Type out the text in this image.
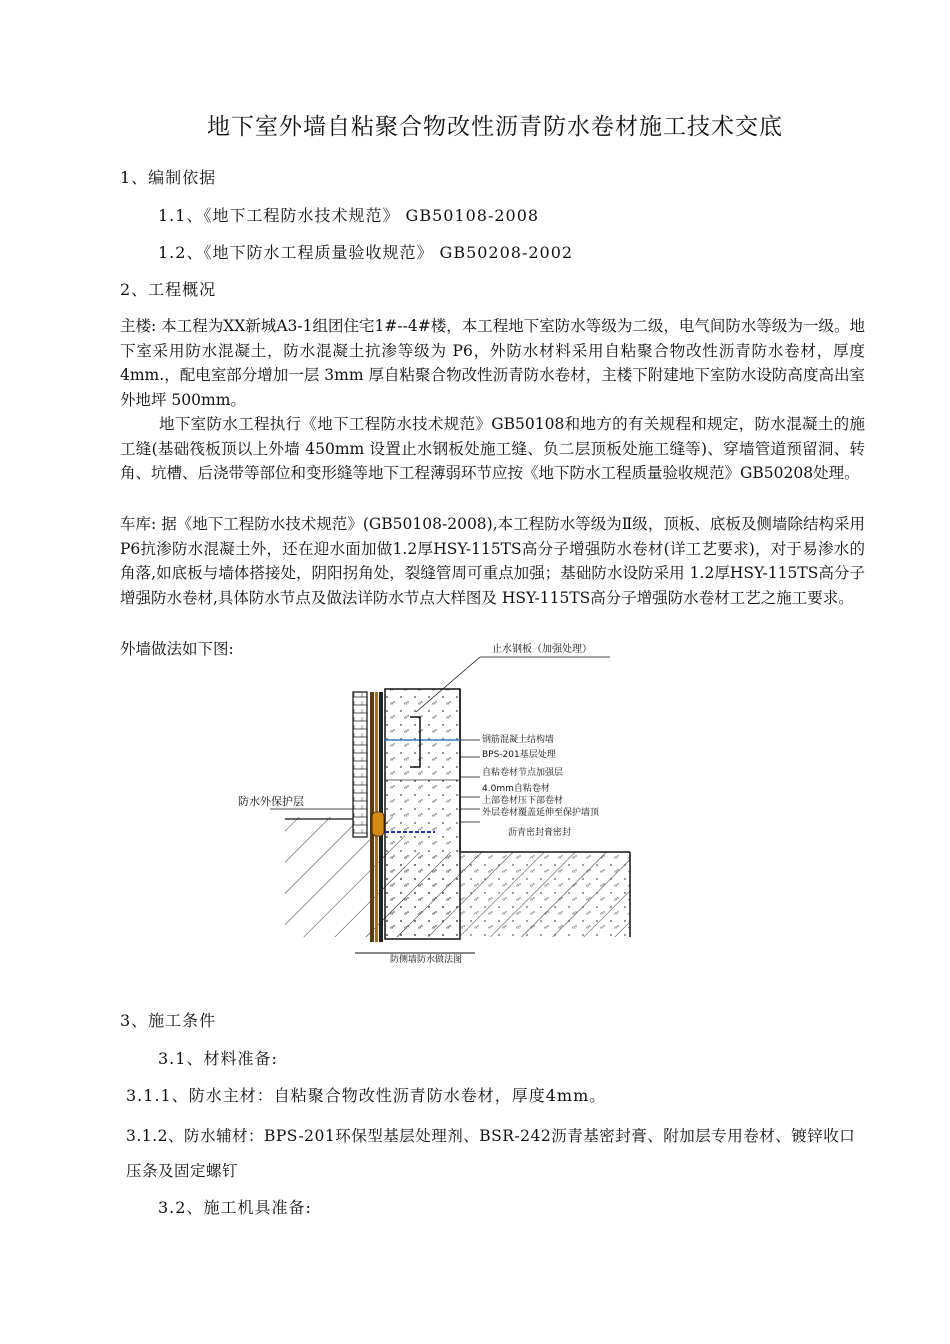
地下室外墙自粘聚合物改性沥青防水卷材施工技术交底
1、编制依据
1.1、《地下工程防水技术规范》 GB50108-2008
1.2、《地下防水工程质量验收规范》 GB50208-2002
2、工程概况
主楼: 本工程为XX新城A3-1组团住宅1#--4#楼，本工程地下室防水等级为二级，电气间防水等级为一级。地下室采用防水混凝土，防水混凝土抗渗等级为 P6，外防水材料采用自粘聚合物改性沥青防水卷材，厚度4mm.，配电室部分增加一层 3mm 厚自粘聚合物改性沥青防水卷材，主楼下附建地下室防水设防高度高出室外地坪 500mm。
地下室防水工程执行《地下工程防水技术规范》GB50108和地方的有关规程和规定，防水混凝土的施工缝(基础筏板顶以上外墙 450mm 设置止水钢板处施工缝、负二层顶板处施工缝等)、穿墙管道预留洞、转角、坑槽、后浇带等部位和变形缝等地下工程薄弱环节应按《地下防水工程质量验收规范》GB50208处理。
车库: 据《地下工程防水技术规范》(GB50108-2008),本工程防水等级为Ⅱ级，顶板、底板及侧墙除结构采用P6抗渗防水混凝土外，还在迎水面加做1.2厚HSY-115TS高分子增强防水卷材(详工艺要求)，对于易渗水的角落,如底板与墙体搭接处，阴阳拐角处，裂缝管周可重点加强；基础防水设防采用 1.2厚HSY-115TS高分子增强防水卷材,具体防水节点及做法详防水节点大样图及 HSY-115TS高分子增强防水卷材工艺之施工要求。
外墙做法如下图:	止水钢板（加强处理）
防水外保护层
钢筋混凝土结构墙
BPS-201基层处理
自粘卷材节点加强层
4.0mm自粘卷材
上部卷材压下部卷材
外层卷材覆盖延伸至保护墙顶
沥青密封膏密封
防侧墙防水做法图
3、施工条件
3.1、材料准备:
3.1.1、防水主材：自粘聚合物改性沥青防水卷材，厚度4mm。
3.1.2、防水辅材：BPS-201环保型基层处理剂、BSR-242沥青基密封膏、附加层专用卷材、镀锌收口压条及固定螺钉
3.2、施工机具准备:
